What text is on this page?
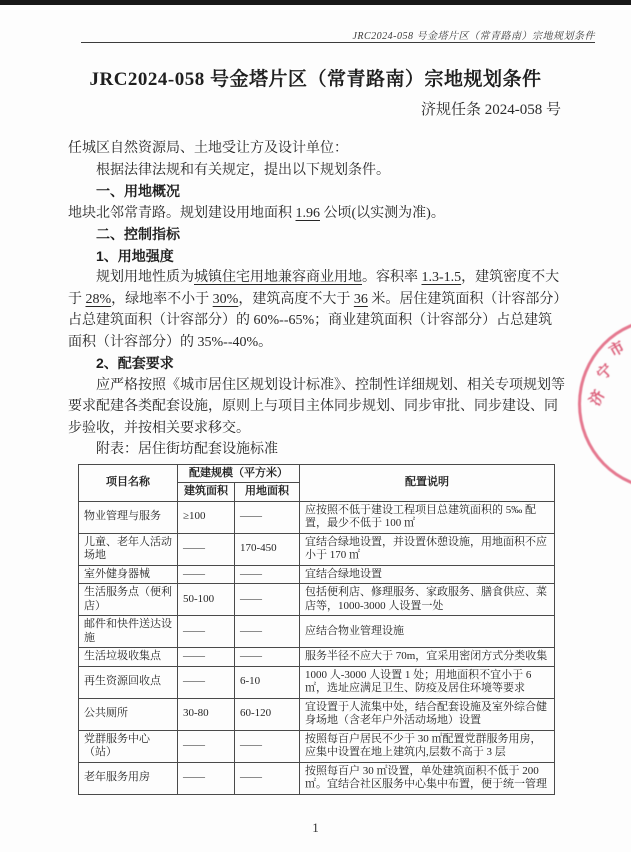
JRC2024-058 号金塔片区（常青路南）宗地规划条件
JRC2024-058 号金塔片区（常青路南）宗地规划条件
济规任条 2024-058 号

任城区自然资源局、土地受让方及设计单位：

根据法律法规和有关规定，提出以下规划条件。

一、用地概况

地块北邻常青路。规划建设用地面积 1.96 公顷(以实测为准)。

二、控制指标

1、用地强度

规划用地性质为城镇住宅用地兼容商业用地。容积率 1.3-1.5，建筑密度不大于 28%，绿地率不小于 30%，建筑高度不大于 36 米。居住建筑面积（计容部分）占总建筑面积（计容部分）的 60%--65%；商业建筑面积（计容部分）占总建筑面积（计容部分）的 35%--40%。

2、配套要求

应严格按照《城市居住区规划设计标准》、控制性详细规划、相关专项规划等要求配建各类配套设施，原则上与项目主体同步规划、同步审批、同步建设、同步验收，并按相关要求移交。

附表：居住街坊配套设施标准

项目名称	配建规模（平方米）		配置说明
	建筑面积	用地面积	
物业管理与服务	≥100	——	应按照不低于建设工程项目总建筑面积的 5‰ 配置，最少不低于 100 ㎡
儿童、老年人活动场地	——	170-450	宜结合绿地设置，并设置休憩设施，用地面积不应小于 170 ㎡
室外健身器械	——	——	宜结合绿地设置
生活服务点（便利店）	50-100	——	包括便利店、修理服务、家政服务、膳食供应、菜店等，1000-3000 人设置一处
邮件和快件送达设施	——	——	应结合物业管理设施
生活垃圾收集点	——	——	服务半径不应大于 70m，宜采用密闭方式分类收集
再生资源回收点	——	6-10	1000 人-3000 人设置 1 处；用地面积不宜小于 6 ㎡，选址应满足卫生、防疫及居住环境等要求
公共厕所	30-80	60-120	宜设置于人流集中处，结合配套设施及室外综合健身场地（含老年户外活动场地）设置
党群服务中心（站）	——	——	按照每百户居民不少于 30 ㎡配置党群服务用房，应集中设置在地上建筑内,层数不高于 3 层
老年服务用房	——	——	按照每百户 30 ㎡设置，单处建筑面积不低于 200 ㎡。宜结合社区服务中心集中布置，便于统一管理
济
宁
市
1
